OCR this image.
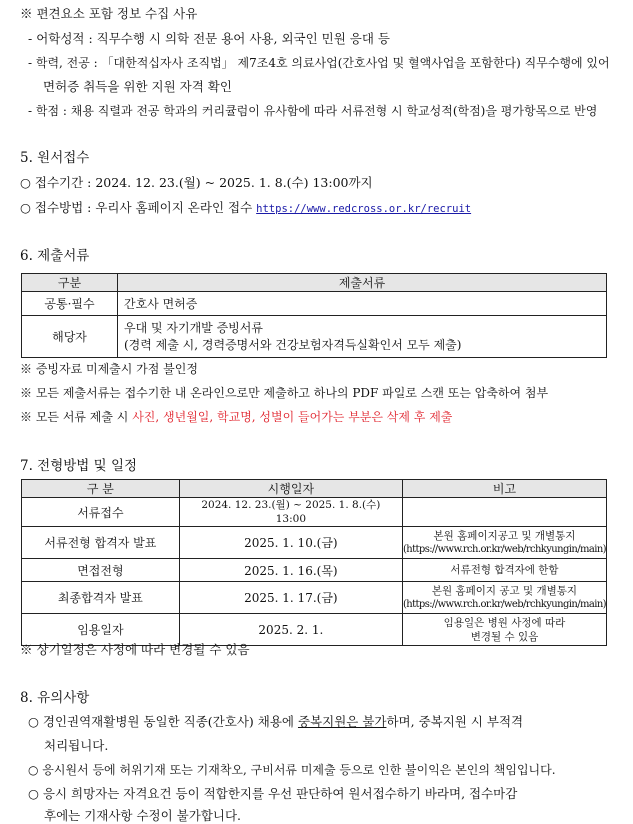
※ 편견요소 포함 정보 수집 사유
- 어학성적 : 직무수행 시 의학 전문 용어 사용, 외국인 민원 응대 등
- 학력, 전공 : 「대한적십자사 조직법」 제7조4호 의료사업(간호사업 및 혈액사업을 포함한다) 직무수행에 있어
면허증 취득을 위한 지원 자격 확인
- 학점 : 채용 직렬과 전공 학과의 커리큘럼이 유사함에 따라 서류전형 시 학교성적(학점)을 평가항목으로 반영
5. 원서접수
○ 접수기간 : 2024. 12. 23.(월) ~ 2025. 1. 8.(수) 13:00까지
○ 접수방법 : 우리사 홈페이지 온라인 접수 https://www.redcross.or.kr/recruit
6. 제출서류
구분	제출서류
공통·필수	간호사 면허증
해당자	우대 및 자기개발 증빙서류
(경력 제출 시, 경력증명서와 건강보험자격득실확인서 모두 제출)
※ 증빙자료 미제출시 가점 불인정
※ 모든 제출서류는 접수기한 내 온라인으로만 제출하고 하나의 PDF 파일로 스캔 또는 압축하여 첨부
※ 모든 서류 제출 시 사진, 생년월일, 학교명, 성별이 들어가는 부분은 삭제 후 제출
7. 전형방법 및 일정
구 분	시행일자	비고
서류접수	2024. 12. 23.(월) ~ 2025. 1. 8.(수) 13:00	
서류전형 합격자 발표	2025. 1. 10.(금)	본원 홈페이지공고 및 개별통지
(https://www.rch.or.kr/web/rchkyungin/main)

면접전형	2025. 1. 16.(목)	서류전형 합격자에 한함
최종합격자 발표	2025. 1. 17.(금)	본원 홈페이지 공고 및 개별통지
(https://www.rch.or.kr/web/rchkyungin/main)

임용일자	2025. 2. 1.	임용일은 병원 사정에 따라
변경될 수 있음
※ 상기일정은 사정에 따라 변경될 수 있음
8. 유의사항
○ 경인권역재활병원 동일한 직종(간호사) 채용에 중복지원은 불가하며, 중복지원 시 부적격
처리됩니다.
○ 응시원서 등에 허위기재 또는 기재착오, 구비서류 미제출 등으로 인한 불이익은 본인의 책임입니다.
○ 응시 희망자는 자격요건 등이 적합한지를 우선 판단하여 원서접수하기 바라며, 접수마감
후에는 기재사항 수정이 불가합니다.
